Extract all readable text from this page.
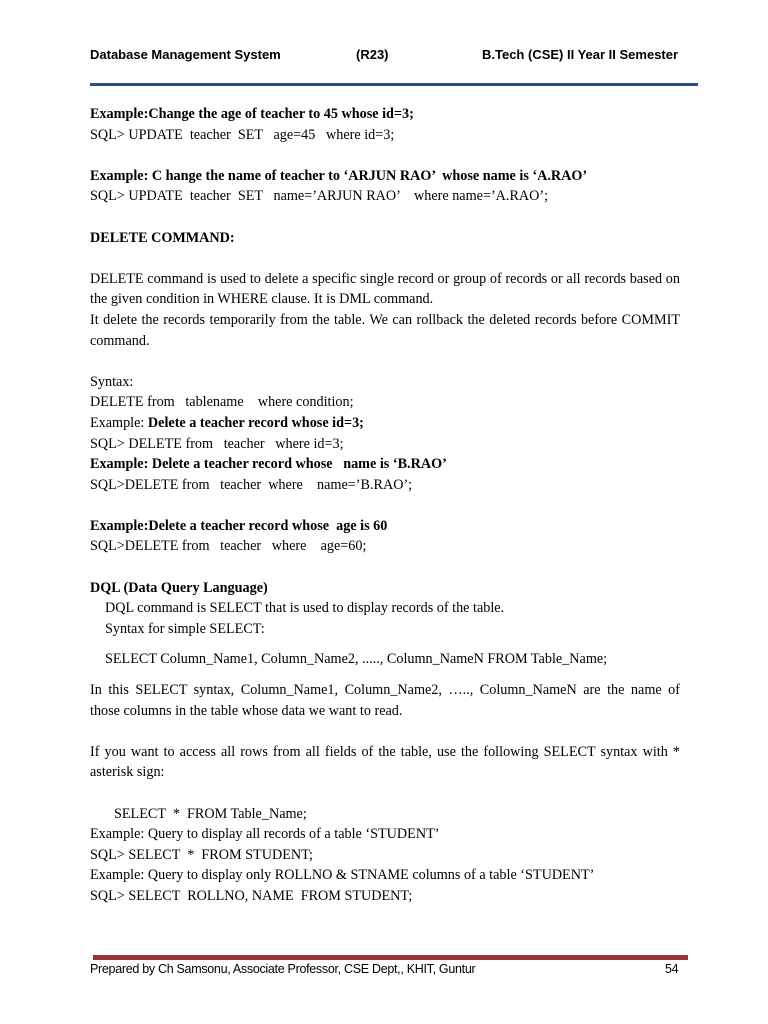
Database Management System	(R23)	B.Tech (CSE) II Year II Semester

Example:Change the age of teacher to 45 whose id=3;

SQL> UPDATE  teacher  SET   age=45   where id=3;

Example: C hange the name of teacher to ‘ARJUN RAO’  whose name is ‘A.RAO’

SQL> UPDATE  teacher  SET   name=’ARJUN RAO’    where name=’A.RAO’;

DELETE COMMAND:

DELETE command is used to delete a specific single record or group of records or all records based on the given condition in WHERE clause. It is DML command.

It delete the records temporarily from the table. We can rollback the deleted records before COMMIT command.

Syntax:

DELETE from   tablename    where condition;

Example: Delete a teacher record whose id=3;

SQL> DELETE from   teacher   where id=3;

Example: Delete a teacher record whose   name is ‘B.RAO’

SQL>DELETE from   teacher  where    name=’B.RAO’;

Example:Delete a teacher record whose  age is 60

SQL>DELETE from   teacher   where    age=60;

DQL (Data Query Language)

DQL command is SELECT that is used to display records of the table.

Syntax for simple SELECT:

SELECT Column_Name1, Column_Name2, ....., Column_NameN FROM Table_Name;

In this SELECT syntax, Column_Name1, Column_Name2, ….., Column_NameN are the name of those columns in the table whose data we want to read.

If you want to access all rows from all fields of the table, use the following SELECT syntax with * asterisk sign:

SELECT  *  FROM Table_Name;

Example: Query to display all records of a table ‘STUDENT’

SQL> SELECT  *  FROM STUDENT;

Example: Query to display only ROLLNO & STNAME columns of a table ‘STUDENT’

SQL> SELECT  ROLLNO, NAME  FROM STUDENT;

Prepared by Ch Samsonu, Associate Professor, CSE Dept,, KHIT, Guntur	54
